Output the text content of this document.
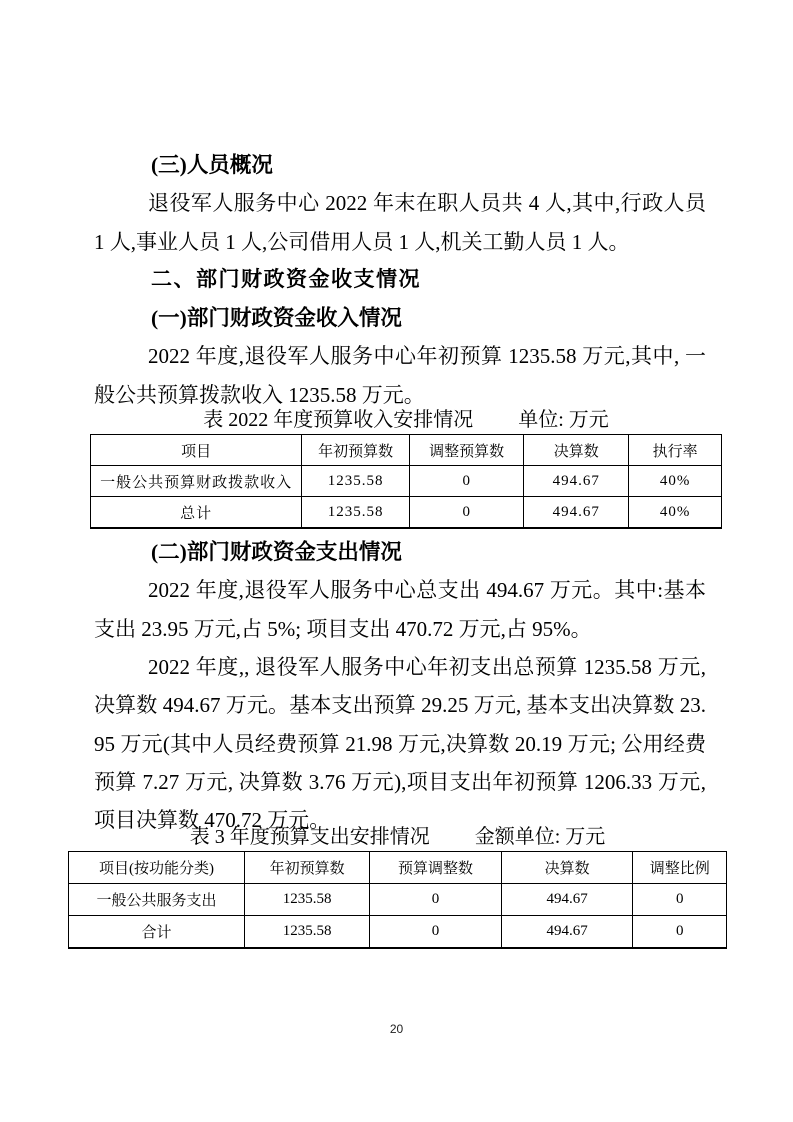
(三)人员概况

退役军人服务中心 2022 年末在职人员共 4 人,其中,行政人员 1 人,事业人员 1 人,公司借用人员 1 人,机关工勤人员 1 人。

二、部门财政资金收支情况
(一)部门财政资金收入情况

2022 年度,退役军人服务中心年初预算 1235.58 万元,其中, 一般公共预算拨款收入 1235.58 万元。

表 2022 年度预算收入安排情况 单位: 万元
项目	年初预算数	调整预算数	决算数	执行率
一般公共预算财政拨款收入	1235.58	0	494.67	40%
总计	1235.58	0	494.67	40%
(二)部门财政资金支出情况

2022 年度,退役军人服务中心总支出 494.67 万元。其中:基本支出 23.95 万元,占 5%; 项目支出 470.72 万元,占 95%。

2022 年度,, 退役军人服务中心年初支出总预算 1235.58 万元,决算数 494.67 万元。基本支出预算 29.25 万元, 基本支出决算数 23.95 万元(其中人员经费预算 21.98 万元,决算数 20.19 万元; 公用经费预算 7.27 万元, 决算数 3.76 万元),项目支出年初预算 1206.33 万元, 项目决算数 470.72 万元。

表 3 年度预算支出安排情况 金额单位: 万元
项目(按功能分类)	年初预算数	预算调整数	决算数	调整比例
一般公共服务支出	1235.58	0	494.67	0
合计	1235.58	0	494.67	0
20
